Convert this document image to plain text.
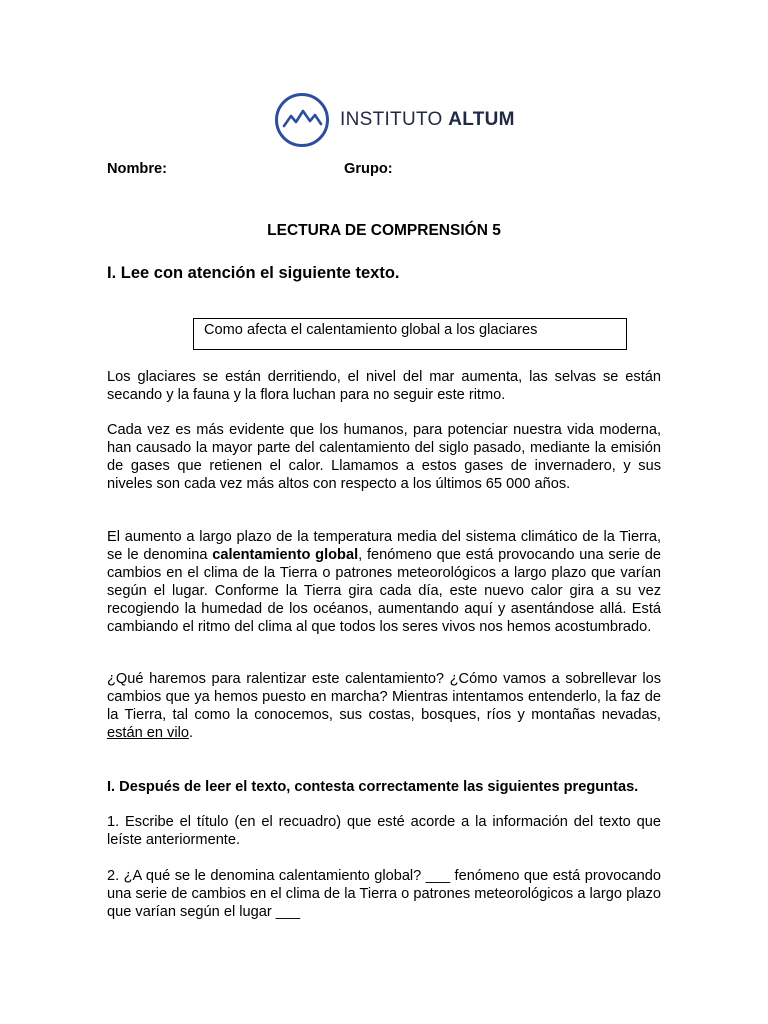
INSTITUTO ALTUM
Nombre:	Grupo:
LECTURA DE COMPRENSIÓN 5
I. Lee con atención el siguiente texto.
Como afecta el calentamiento global a los glaciares

Los glaciares se están derritiendo, el nivel del mar aumenta, las selvas se están secando y la fauna y la flora luchan para no seguir este ritmo.

Cada vez es más evidente que los humanos, para potenciar nuestra vida moderna, han causado la mayor parte del calentamiento del siglo pasado, mediante la emisión de gases que retienen el calor. Llamamos a estos gases de invernadero, y sus niveles son cada vez más altos con respecto a los últimos 65 000 años.

El aumento a largo plazo de la temperatura media del sistema climático de la Tierra, se le denomina calentamiento global, fenómeno que está provocando una serie de cambios en el clima de la Tierra o patrones meteorológicos a largo plazo que varían según el lugar. Conforme la Tierra gira cada día, este nuevo calor gira a su vez recogiendo la humedad de los océanos, aumentando aquí y asentándose allá. Está cambiando el ritmo del clima al que todos los seres vivos nos hemos acostumbrado.

¿Qué haremos para ralentizar este calentamiento? ¿Cómo vamos a sobrellevar los cambios que ya hemos puesto en marcha? Mientras intentamos entenderlo, la faz de la Tierra, tal como la conocemos, sus costas, bosques, ríos y montañas nevadas, están en vilo.

I. Después de leer el texto, contesta correctamente las siguientes preguntas.

1. Escribe el título (en el recuadro) que esté acorde a la información del texto que leíste anteriormente.

2. ¿A qué se le denomina calentamiento global? ___ fenómeno que está provocando una serie de cambios en el clima de la Tierra o patrones meteorológicos a largo plazo que varían según el lugar ___
